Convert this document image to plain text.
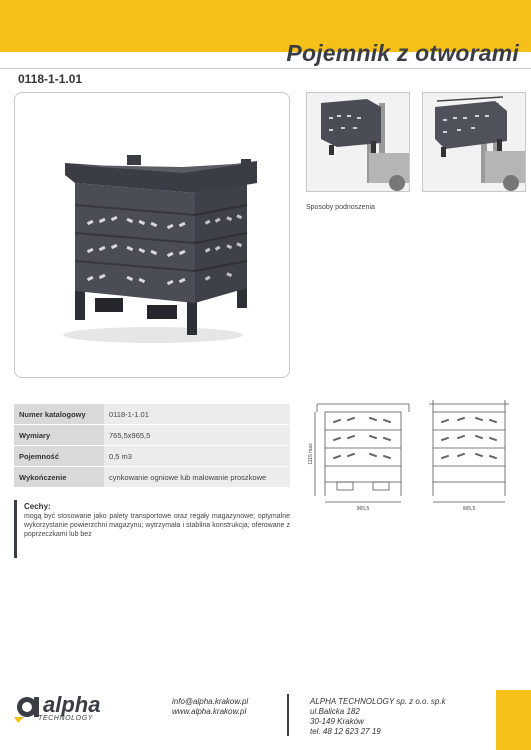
Pojemnik z otworami
0118-1-1.01
Sposoby podnoszenia
Numer katalogowy	0118-1-1.01
Wymiary	765,5x965,5
Pojemność	0,5 m3
Wykończenie	cynkowanie ogniowe lub malowanie proszkowe
1115 max
965,5	965,5
Cechy:
mogą być stosowane jako palety transportowe oraz regały magazynowe; optymalne wykorzystanie powierzchni magazynu; wytrzymała i stabilna konstrukcja; oferowane z poprzeczkami lub bez
alpha
TECHNOLOGY
info@alpha.krakow.pl
www.alpha.krakow.pl
ALPHA TECHNOLOGY sp. z o.o. sp.k
ul.Balicka 182
30-149 Kraków
tel. 48 12 623 27 19
